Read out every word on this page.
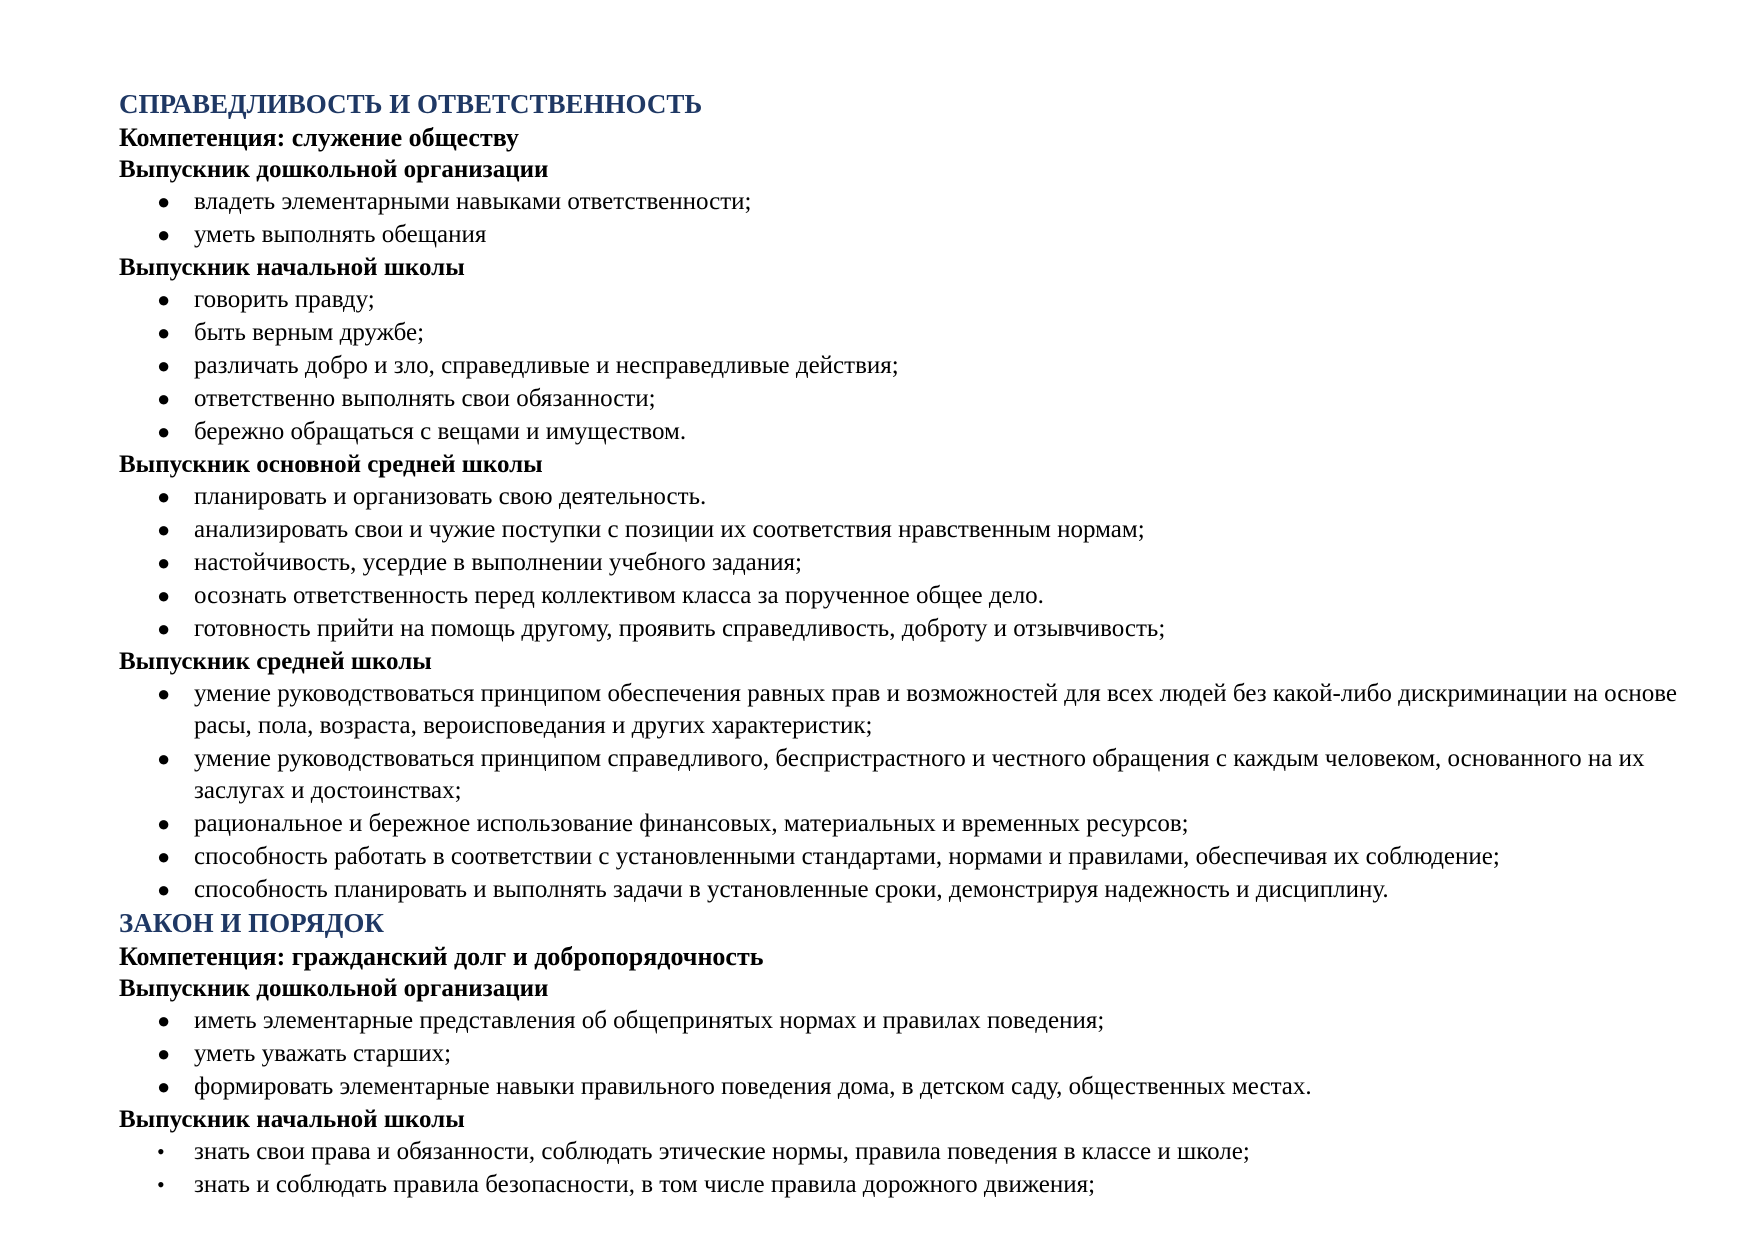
СПРАВЕДЛИВОСТЬ И ОТВЕТСТВЕННОСТЬ

Компетенция: служение обществу

Выпускник дошкольной организации

● владеть элементарными навыками ответственности;
● уметь выполнять обещания

Выпускник начальной школы

● говорить правду;
● быть верным дружбе;
● различать добро и зло, справедливые и несправедливые действия;
● ответственно выполнять свои обязанности;
● бережно обращаться с вещами и имуществом.

Выпускник основной средней школы

● планировать и организовать свою деятельность.
● анализировать свои и чужие поступки с позиции их соответствия нравственным нормам;
● настойчивость, усердие в выполнении учебного задания;
● осознать ответственность перед коллективом класса за порученное общее дело.
● готовность прийти на помощь другому, проявить справедливость, доброту и отзывчивость;

Выпускник средней школы

● умение руководствоваться принципом обеспечения равных прав и возможностей для всех людей без какой-либо дискриминации на основе расы, пола, возраста, вероисповедания и других характеристик;
● умение руководствоваться принципом справедливого, беспристрастного и честного обращения с каждым человеком, основанного на их заслугах и достоинствах;
● рациональное и бережное использование финансовых, материальных и временных ресурсов;
● способность работать в соответствии с установленными стандартами, нормами и правилами, обеспечивая их соблюдение;
● способность планировать и выполнять задачи в установленные сроки, демонстрируя надежность и дисциплину.
ЗАКОН И ПОРЯДОК

Компетенция: гражданский долг и добропорядочность

Выпускник дошкольной организации

● иметь элементарные представления об общепринятых нормах и правилах поведения;
● уметь уважать старших;
● формировать элементарные навыки правильного поведения дома, в детском саду, общественных местах.

Выпускник начальной школы

• знать свои права и обязанности, соблюдать этические нормы, правила поведения в классе и школе;
• знать и соблюдать правила безопасности, в том числе правила дорожного движения;
